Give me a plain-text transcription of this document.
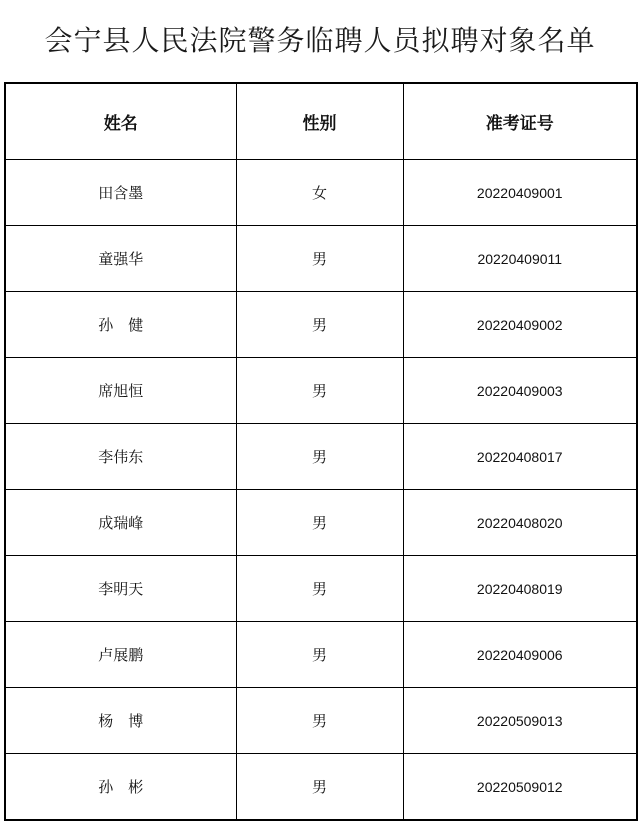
会宁县人民法院警务临聘人员拟聘对象名单
姓名	性别	准考证号
田含墨	女	20220409001
童强华	男	20220409011
孙　健	男	20220409002
席旭恒	男	20220409003
李伟东	男	20220408017
成瑞峰	男	20220408020
李明天	男	20220408019
卢展鹏	男	20220409006
杨　博	男	20220509013
孙　彬	男	20220509012
